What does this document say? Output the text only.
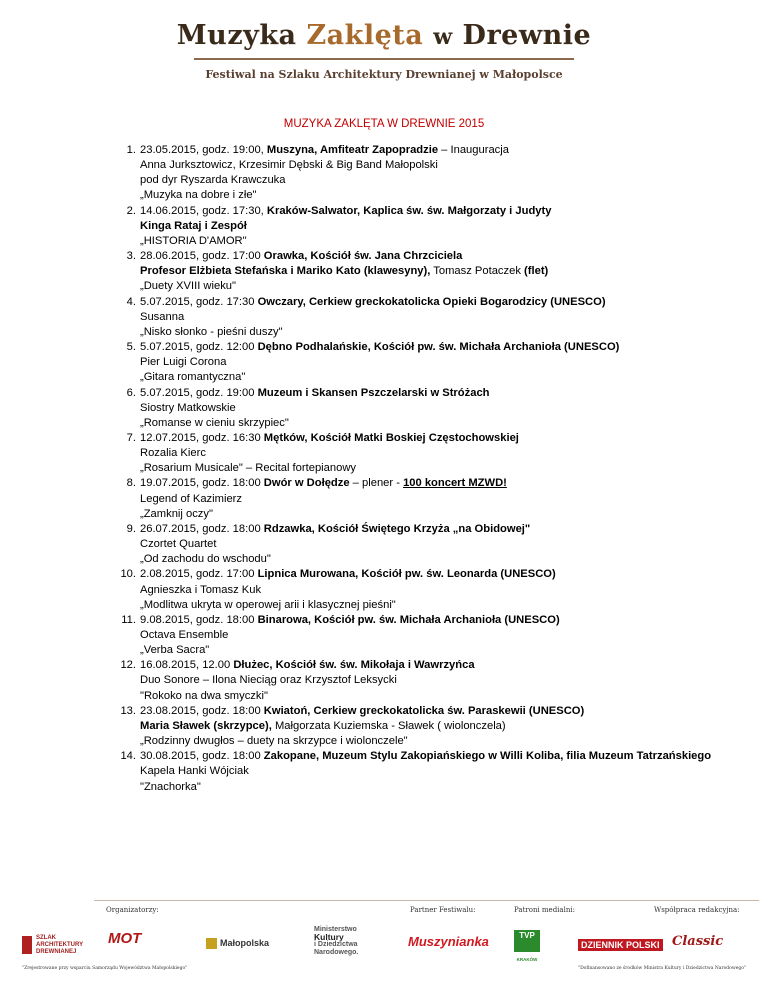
Muzyka Zaklęta w Drewnie
Festiwal na Szlaku Architektury Drewnianej w Małopolsce
MUZYKA ZAKLĘTA W DREWNIE 2015
1. 23.05.2015, godz. 19:00, Muszyna, Amfiteatr Zapopradzie – Inauguracja
Anna Jurksztowicz, Krzesimir Dębski & Big Band Małopolski
pod dyr Ryszarda Krawczuka
„Muzyka na dobre i złe"
2. 14.06.2015, godz. 17:30, Kraków-Salwator, Kaplica św. św. Małgorzaty i Judyty
Kinga Rataj i Zespół
„HISTORIA D'AMOR"
3. 28.06.2015, godz. 17:00 Orawka, Kościół św. Jana Chrzciciela
Profesor Elżbieta Stefańska i Mariko Kato (klawesyny), Tomasz Potaczek (flet)
„Duety XVIII wieku"
4. 5.07.2015, godz. 17:30 Owczary, Cerkiew greckokatolicka Opieki Bogarodzicy (UNESCO)
Susanna
„Nisko słonko - pieśni duszy"
5. 5.07.2015, godz. 12:00 Dębno Podhalańskie, Kościół pw. św. Michała Archanioła (UNESCO)
Pier Luigi Corona
„Gitara romantyczna"
6. 5.07.2015, godz. 19:00 Muzeum i Skansen Pszczelarski w Stróżach
Siostry Matkowskie
„Romanse w cieniu skrzypiec"
7. 12.07.2015, godz. 16:30 Mętków, Kościół Matki Boskiej Częstochowskiej
Rozalia Kierc
„Rosarium Musicale" – Recital fortepianowy
8. 19.07.2015, godz. 18:00 Dwór w Dołędze – plener - 100 koncert MZWD!
Legend of Kazimierz
„Zamknij oczy"
9. 26.07.2015, godz. 18:00 Rdzawka, Kościół Świętego Krzyża „na Obidowej"
Czortet Quartet
„Od zachodu do wschodu"
10. 2.08.2015, godz. 17:00 Lipnica Murowana, Kościół pw. św. Leonarda (UNESCO)
Agnieszka i Tomasz Kuk
„Modlitwa ukryta w operowej arii i klasycznej pieśni"
11. 9.08.2015, godz. 18:00 Binarowa, Kościół pw. św. Michała Archanioła (UNESCO)
Octava Ensemble
„Verba Sacra"
12. 16.08.2015, 12.00 Dłużec, Kościół św. św. Mikołaja i Wawrzyńca
Duo Sonore – Ilona Nieciąg oraz Krzysztof Leksycki
"Rokoko na dwa smyczki"
13. 23.08.2015, godz. 18:00 Kwiatoń, Cerkiew greckokatolicka św. Paraskewii (UNESCO)
Maria Sławek (skrzypce), Małgorzata Kuziemska - Sławek ( wiolonczela)
„Rodzinny dwugłos – duety na skrzypce i wiolonczele"
14. 30.08.2015, godz. 18:00 Zakopane, Muzeum Stylu Zakopiańskiego w Willi Koliba, filia Muzeum Tatrzańskiego
Kapela Hanki Wójciak
"Znachorka"
Organizatorzy:	Partner Festiwalu:	Patroni medialni:	Współpraca redakcyjna:
SZLAK
ARCHITEKTURY
DREWNIANEJ
MOT	Małopolska
Ministerstwo
Kultury
i Dziedzictwa
Narodowego.
Muszynianka	TVP
KRAKÓW
DZIENNIK POLSKI Classic
"Zrejestrowane przy wsparciu Samorządu Województwa Małopolskiego"	"Dofinansowano ze środków Ministra Kultury i Dziedzictwa Narodowego"
